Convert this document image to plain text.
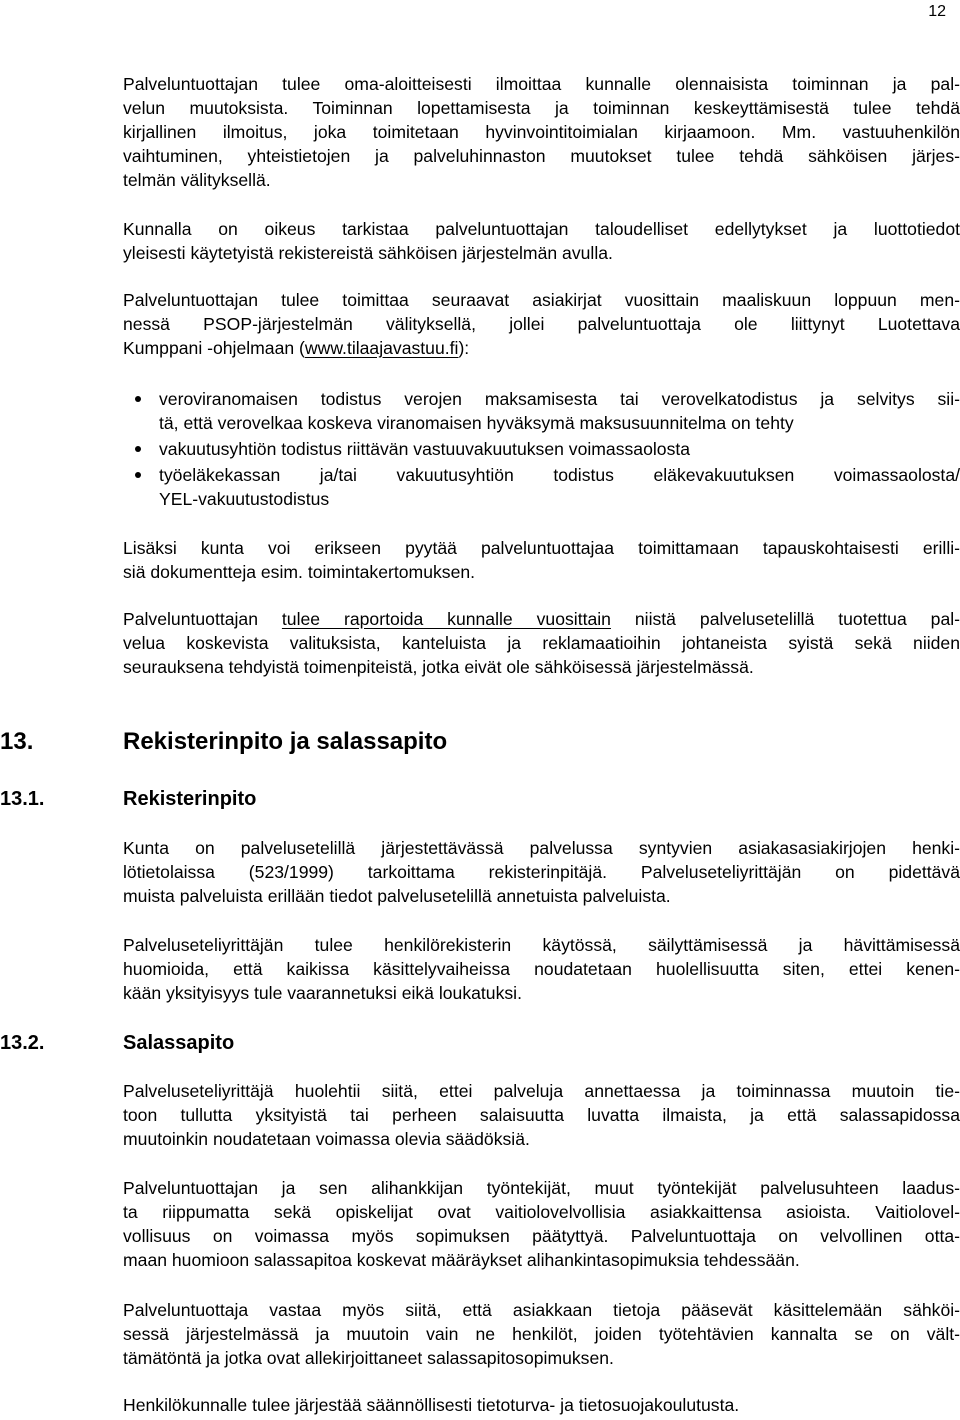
12
Palveluntuottajan tulee oma-aloitteisesti ilmoittaa kunnalle olennaisista toiminnan ja pal-
velun muutoksista. Toiminnan lopettamisesta ja toiminnan keskeyttämisestä tulee tehdä
kirjallinen ilmoitus, joka toimitetaan hyvinvointitoimialan kirjaamoon. Mm. vastuuhenkilön
vaihtuminen, yhteistietojen ja palveluhinnaston muutokset tulee tehdä sähköisen järjes-
telmän välityksellä.
Kunnalla on oikeus tarkistaa palveluntuottajan taloudelliset edellytykset ja luottotiedot
yleisesti käytetyistä rekistereistä sähköisen järjestelmän avulla.
Palveluntuottajan tulee toimittaa seuraavat asiakirjat vuosittain maaliskuun loppuun men-
nessä PSOP-järjestelmän välityksellä, jollei palveluntuottaja ole liittynyt Luotettava
Kumppani -ohjelmaan (www.tilaajavastuu.fi):
veroviranomaisen todistus verojen maksamisesta tai verovelkatodistus ja selvitys sii-
tä, että verovelkaa koskeva viranomaisen hyväksymä maksusuunnitelma on tehty
vakuutusyhtiön todistus riittävän vastuuvakuutuksen voimassaolosta
työeläkekassan ja/tai vakuutusyhtiön todistus eläkevakuutuksen voimassaolosta/
YEL-vakuutustodistus
Lisäksi kunta voi erikseen pyytää palveluntuottajaa toimittamaan tapauskohtaisesti erilli-
siä dokumentteja esim. toimintakertomuksen.
Palveluntuottajan tulee raportoida kunnalle vuosittain niistä palvelusetelillä tuotettua pal-
velua koskevista valituksista, kanteluista ja reklamaatioihin johtaneista syistä sekä niiden
seurauksena tehdyistä toimenpiteistä, jotka eivät ole sähköisessä järjestelmässä.
13.	Rekisterinpito ja salassapito
13.1.	Rekisterinpito
Kunta on palvelusetelillä järjestettävässä palvelussa syntyvien asiakasasiakirjojen henki-
lötietolaissa (523/1999) tarkoittama rekisterinpitäjä. Palveluseteliyrittäjän on pidettävä
muista palveluista erillään tiedot palvelusetelillä annetuista palveluista.
Palveluseteliyrittäjän tulee henkilörekisterin käytössä, säilyttämisessä ja hävittämisessä
huomioida, että kaikissa käsittelyvaiheissa noudatetaan huolellisuutta siten, ettei kenen-
kään yksityisyys tule vaarannetuksi eikä loukatuksi.
13.2.	Salassapito
Palveluseteliyrittäjä huolehtii siitä, ettei palveluja annettaessa ja toiminnassa muutoin tie-
toon tullutta yksityistä tai perheen salaisuutta luvatta ilmaista, ja että salassapidossa
muutoinkin noudatetaan voimassa olevia säädöksiä.
Palveluntuottajan ja sen alihankkijan työntekijät, muut työntekijät palvelusuhteen laadus-
ta riippumatta sekä opiskelijat ovat vaitiolovelvollisia asiakkaittensa asioista. Vaitiolovel-
vollisuus on voimassa myös sopimuksen päätyttyä. Palveluntuottaja on velvollinen otta-
maan huomioon salassapitoa koskevat määräykset alihankintasopimuksia tehdessään.
Palveluntuottaja vastaa myös siitä, että asiakkaan tietoja pääsevät käsittelemään sähköi-
sessä järjestelmässä ja muutoin vain ne henkilöt, joiden työtehtävien kannalta se on vält-
tämätöntä ja jotka ovat allekirjoittaneet salassapitosopimuksen.
Henkilökunnalle tulee järjestää säännöllisesti tietoturva- ja tietosuojakoulutusta.
